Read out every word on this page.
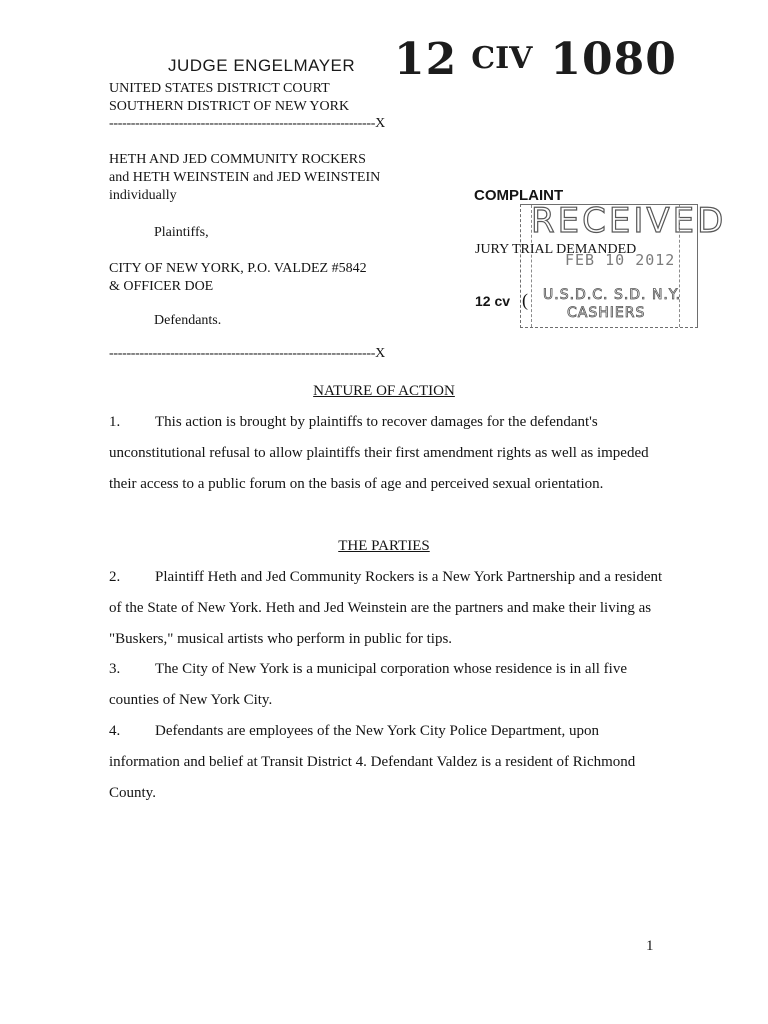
JUDGE ENGELMAYER 12 CIV 1080
UNITED STATES DISTRICT COURT
SOUTHERN DISTRICT OF NEW YORK
-------------------------------------------------------------X
HETH AND JED COMMUNITY ROCKERS
and HETH WEINSTEIN and JED WEINSTEIN
individually
Plaintiffs,
CITY OF NEW YORK, P.O. VALDEZ #5842
& OFFICER DOE
Defendants.
-------------------------------------------------------------X
COMPLAINT
JURY TRIAL DEMANDED
12 cv (
RECEIVED
FEB 10 2012
U.S.D.C. S.D. N.Y.
CASHIERS
NATURE OF ACTION
1. This action is brought by plaintiffs to recover damages for the defendant's unconstitutional refusal to allow plaintiffs their first amendment rights as well as impeded their access to a public forum on the basis of age and perceived sexual orientation.
THE PARTIES
2. Plaintiff Heth and Jed Community Rockers is a New York Partnership and a resident of the State of New York. Heth and Jed Weinstein are the partners and make their living as "Buskers," musical artists who perform in public for tips.
3. The City of New York is a municipal corporation whose residence is in all five counties of New York City.
4. Defendants are employees of the New York City Police Department, upon information and belief at Transit District 4. Defendant Valdez is a resident of Richmond County.
1
